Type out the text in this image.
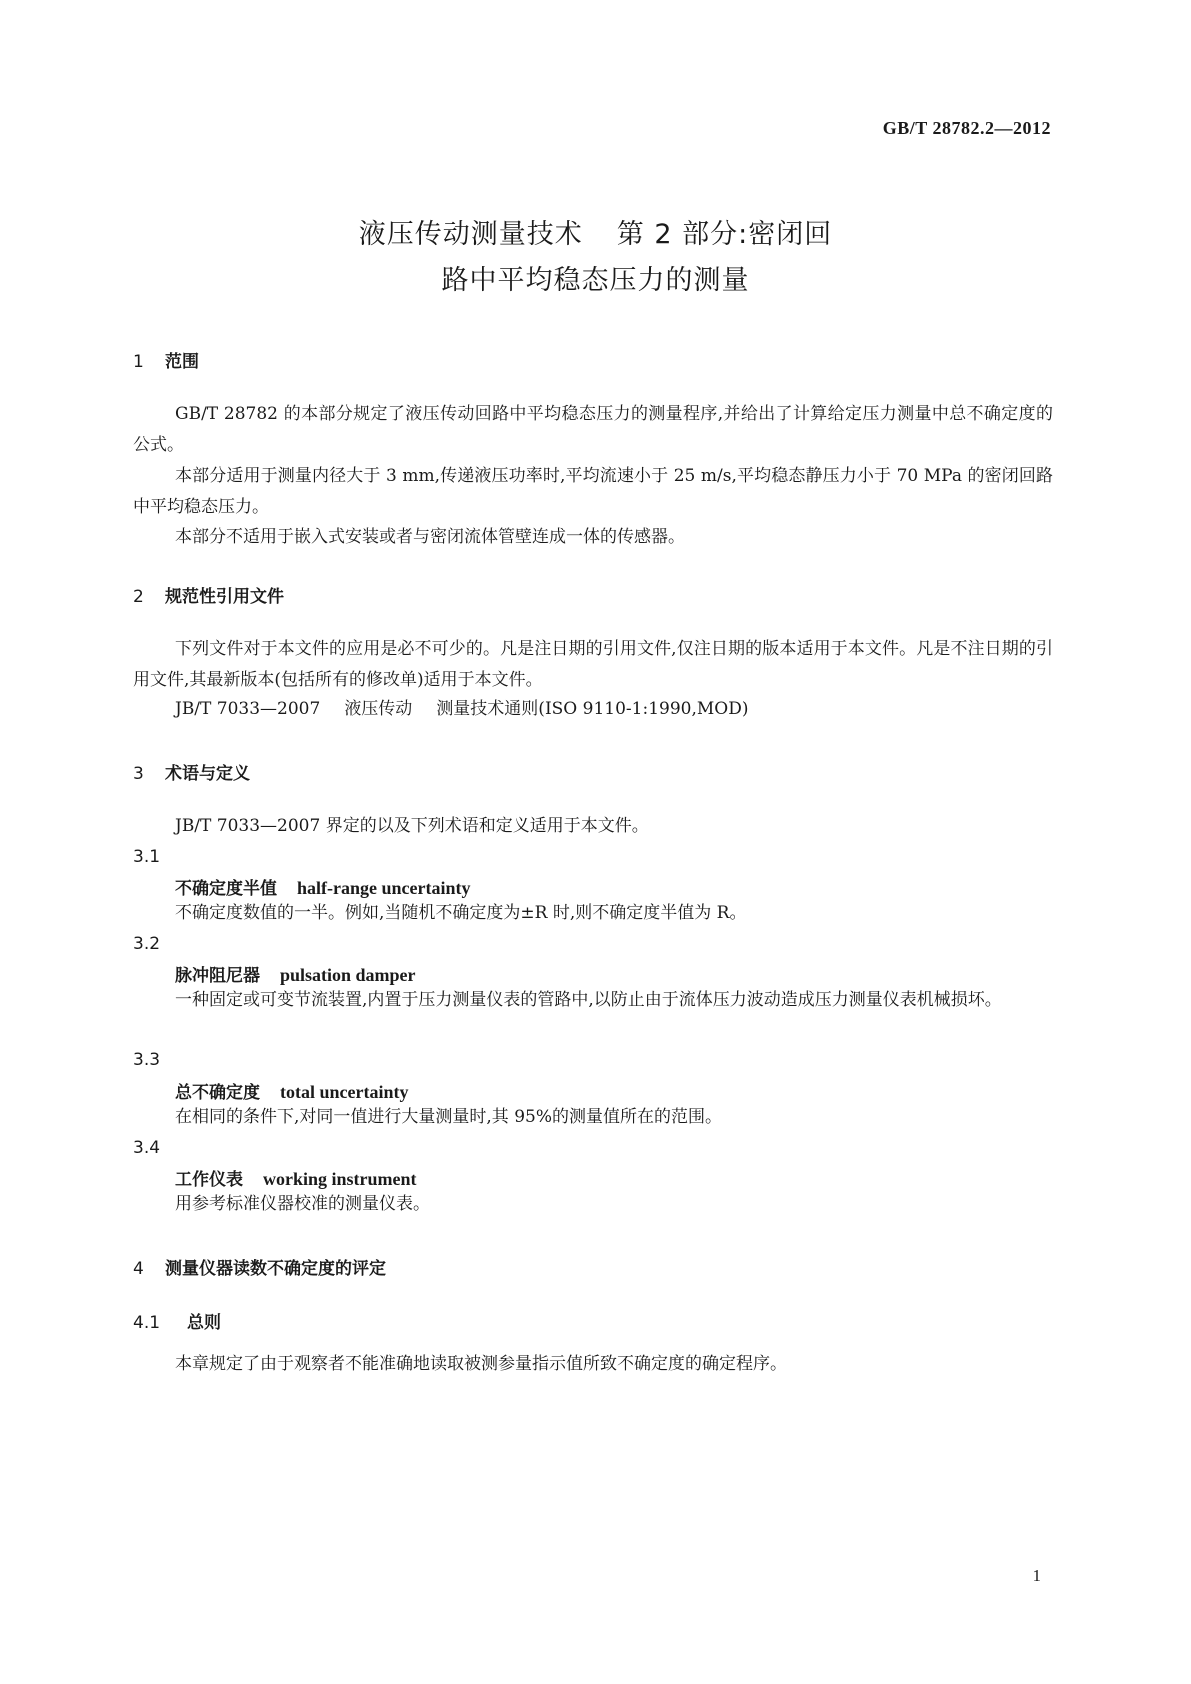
GB/T 28782.2—2012
液压传动测量技术 第 2 部分:密闭回
路中平均稳态压力的测量
1 范围
GB/T 28782 的本部分规定了液压传动回路中平均稳态压力的测量程序,并给出了计算给定压力测量中总不确定度的公式。
本部分适用于测量内径大于 3 mm,传递液压功率时,平均流速小于 25 m/s,平均稳态静压力小于 70 MPa 的密闭回路中平均稳态压力。
本部分不适用于嵌入式安装或者与密闭流体管壁连成一体的传感器。
2 规范性引用文件
下列文件对于本文件的应用是必不可少的。凡是注日期的引用文件,仅注日期的版本适用于本文件。凡是不注日期的引用文件,其最新版本(包括所有的修改单)适用于本文件。
JB/T 7033—2007 液压传动 测量技术通则(ISO 9110-1:1990,MOD)
3 术语与定义
JB/T 7033—2007 界定的以及下列术语和定义适用于本文件。
3.1
不确定度半值 half-range uncertainty
不确定度数值的一半。例如,当随机不确定度为±R 时,则不确定度半值为 R。
3.2
脉冲阻尼器 pulsation damper
一种固定或可变节流装置,内置于压力测量仪表的管路中,以防止由于流体压力波动造成压力测量仪表机械损坏。
3.3
总不确定度 total uncertainty
在相同的条件下,对同一值进行大量测量时,其 95%的测量值所在的范围。
3.4
工作仪表 working instrument
用参考标准仪器校准的测量仪表。
4 测量仪器读数不确定度的评定
4.1 总则
本章规定了由于观察者不能准确地读取被测参量指示值所致不确定度的确定程序。
1
